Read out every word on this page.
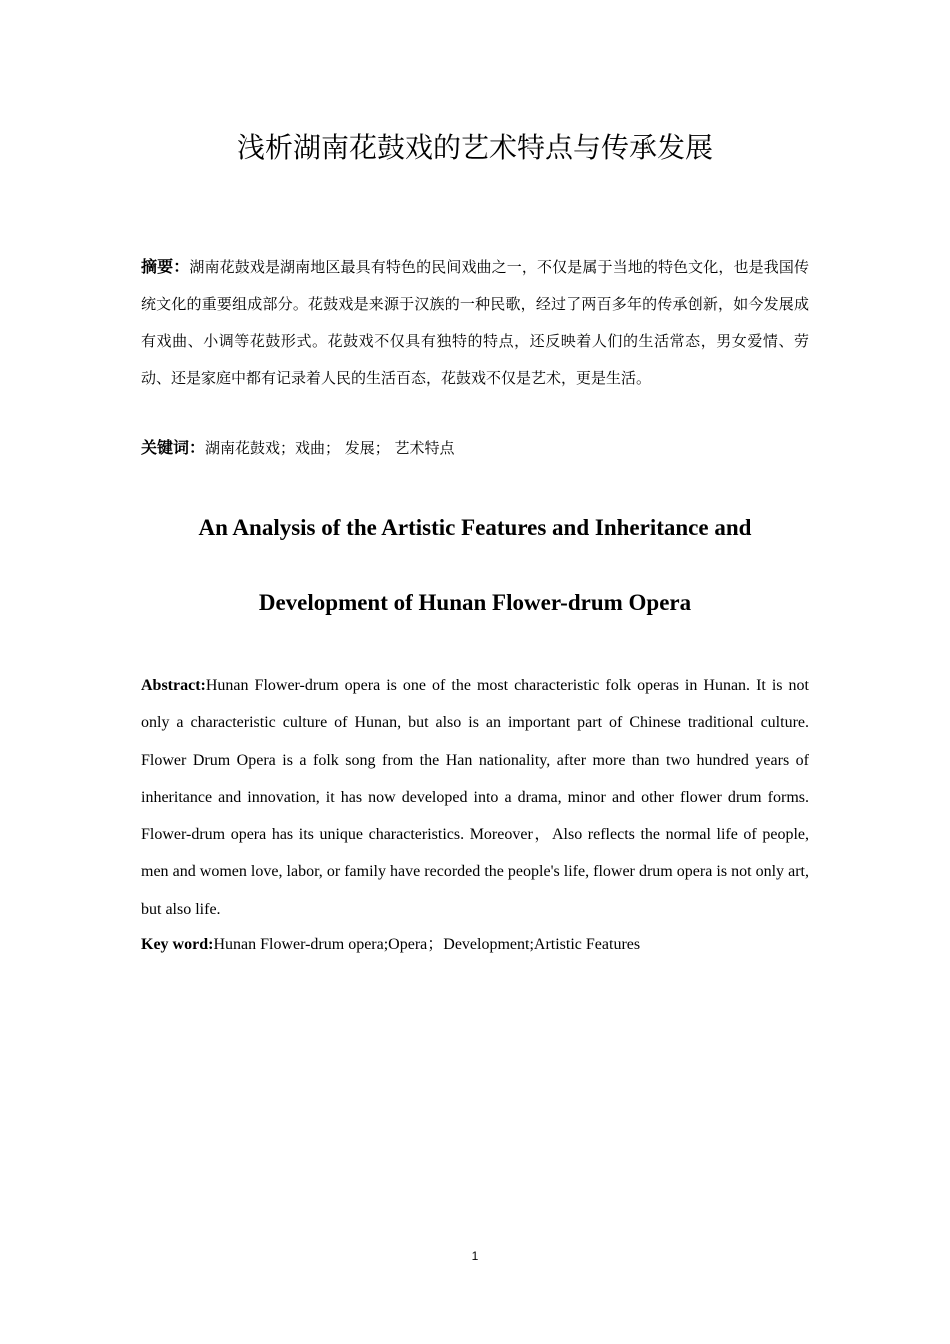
浅析湖南花鼓戏的艺术特点与传承发展

摘要：湖南花鼓戏是湖南地区最具有特色的民间戏曲之一，不仅是属于当地的特色文化，也是我国传统文化的重要组成部分。花鼓戏是来源于汉族的一种民歌，经过了两百多年的传承创新，如今发展成有戏曲、小调等花鼓形式。花鼓戏不仅具有独特的特点，还反映着人们的生活常态，男女爱情、劳动、还是家庭中都有记录着人民的生活百态，花鼓戏不仅是艺术，更是生活。

关键词：湖南花鼓戏；戏曲； 发展； 艺术特点

An Analysis of the Artistic Features and Inheritance and
Development of Hunan Flower-drum Opera

Abstract:Hunan Flower-drum opera is one of the most characteristic folk operas in Hunan. It is not only a characteristic culture of Hunan, but also is an important part of Chinese traditional culture. Flower Drum Opera is a folk song from the Han nationality, after more than two hundred years of inheritance and innovation, it has now developed into a drama, minor and other flower drum forms. Flower-drum opera has its unique characteristics. Moreover，Also reflects the normal life of people, men and women love, labor, or family have recorded the people's life, flower drum opera is not only art, but also life.

Key word:Hunan Flower-drum opera;Opera；Development;Artistic Features

1
